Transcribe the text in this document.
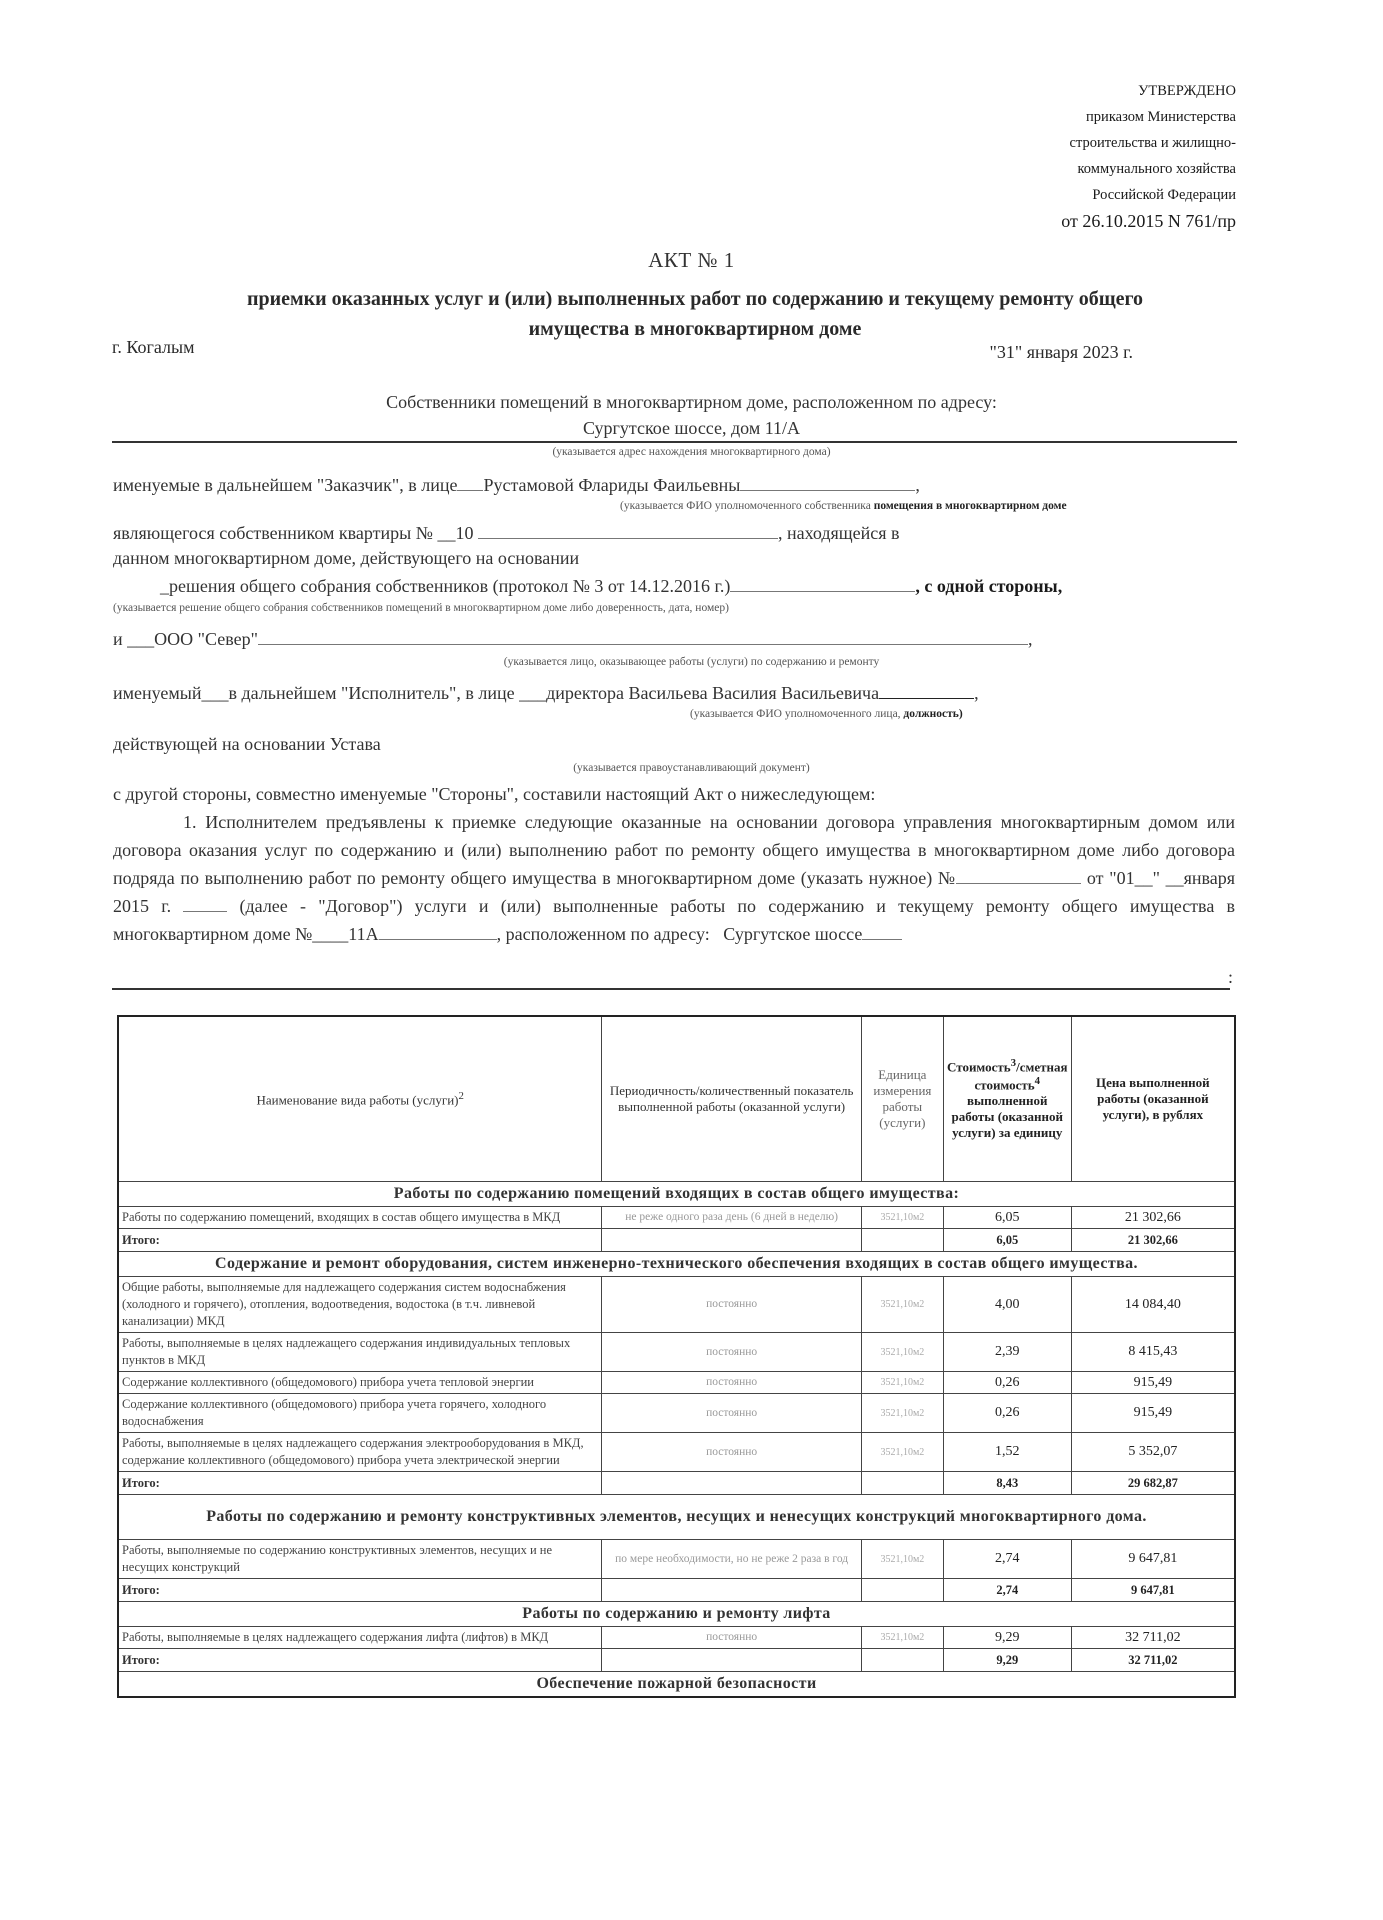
УТВЕРЖДЕНО
приказом Министерства
строительства и жилищно-
коммунального хозяйства
Российской Федерации
от 26.10.2015 N 761/пр
АКТ № 1
приемки оказанных услуг и (или) выполненных работ по содержанию и текущему ремонту общего
имущества в многоквартирном доме
г. Когалым	"31" января 2023 г.
Собственники помещений в многоквартирном доме, расположенном по адресу:
Сургутское шоссе, дом 11/А
(указывается адрес нахождения многоквартирного дома)
именуемые в дальнейшем "Заказчик", в лице Рустамовой Флариды Фаильевны	,
(указывается ФИО уполномоченного собственника помещения в многоквартирном доме
являющегося собственником квартиры № __10	, находящейся в
данном многоквартирном доме, действующего на основании
_решения общего собрания собственников (протокол № 3 от 14.12.2016 г.)	, с одной стороны,
(указывается решение общего собрания собственников помещений в многоквартирном доме либо доверенность, дата, номер)
и ___ООО "Север"	,
(указывается лицо, оказывающее работы (услуги) по содержанию и ремонту
именуемый___в дальнейшем "Исполнитель", в лице ___директора Васильева Василия Васильевича	,
(указывается ФИО уполномоченного лица, должность)
действующей на основании Устава
(указывается правоустанавливающий документ)
с другой стороны, совместно именуемые "Стороны", составили настоящий Акт о нижеследующем:
1. Исполнителем предъявлены к приемке следующие оказанные на основании договора управления многоквартирным домом или договора оказания услуг по содержанию и (или) выполнению работ по ремонту общего имущества в многоквартирном доме либо договора подряда по выполнению работ по ремонту общего имущества в многоквартирном доме (указать нужное) №	от "01__" __января 2015 г.	(далее - "Договор") услуги и (или) выполненные работы по содержанию и текущему ремонту общего имущества в многоквартирном доме №____11А	, расположенном по адресу: Сургутское шоссе
:
Наименование вида работы (услуги)$^2$	Периодичность/количественный показатель выполненной работы (оказанной услуги)	Единица измерения работы (услуги)	Стоимость$^3$/сметная стоимость$^4$ выполненной работы (оказанной услуги) за единицу	Цена выполненной работы (оказанной услуги), в рублях
Работы по содержанию помещений входящих в состав общего имущества:				
Работы по содержанию помещений, входящих в состав общего имущества в МКД	не реже одного раза день (6 дней в неделю)	3521,10м2	6,05	21 302,66
Итого:			6,05	21 302,66
Содержание и ремонт оборудования, систем инженерно-технического обеспечения входящих в состав общего имущества.				
Общие работы, выполняемые для надлежащего содержания систем водоснабжения (холодного и горячего), отопления, водоотведения, водостока (в т.ч. ливневой канализации) МКД	постоянно	3521,10м2	4,00	14 084,40
Работы, выполняемые в целях надлежащего содержания индивидуальных тепловых пунктов в МКД	постоянно	3521,10м2	2,39	8 415,43
Содержание коллективного (общедомового) прибора учета тепловой энергии	постоянно	3521,10м2	0,26	915,49
Содержание коллективного (общедомового) прибора учета горячего, холодного водоснабжения	постоянно	3521,10м2	0,26	915,49
Работы, выполняемые в целях надлежащего содержания электрооборудования в МКД, содержание коллективного (общедомового) прибора учета электрической энергии	постоянно	3521,10м2	1,52	5 352,07
Итого:			8,43	29 682,87
Работы по содержанию и ремонту конструктивных элементов, несущих и ненесущих конструкций многоквартирного дома.				
Работы, выполняемые по содержанию конструктивных элементов, несущих и не несущих конструкций	по мере необходимости, но не реже 2 раза в год	3521,10м2	2,74	9 647,81
Итого:			2,74	9 647,81
Работы по содержанию и ремонту лифта				
Работы, выполняемые в целях надлежащего содержания лифта (лифтов) в МКД	постоянно	3521,10м2	9,29	32 711,02
Итого:			9,29	32 711,02
Обеспечение пожарной безопасности				
